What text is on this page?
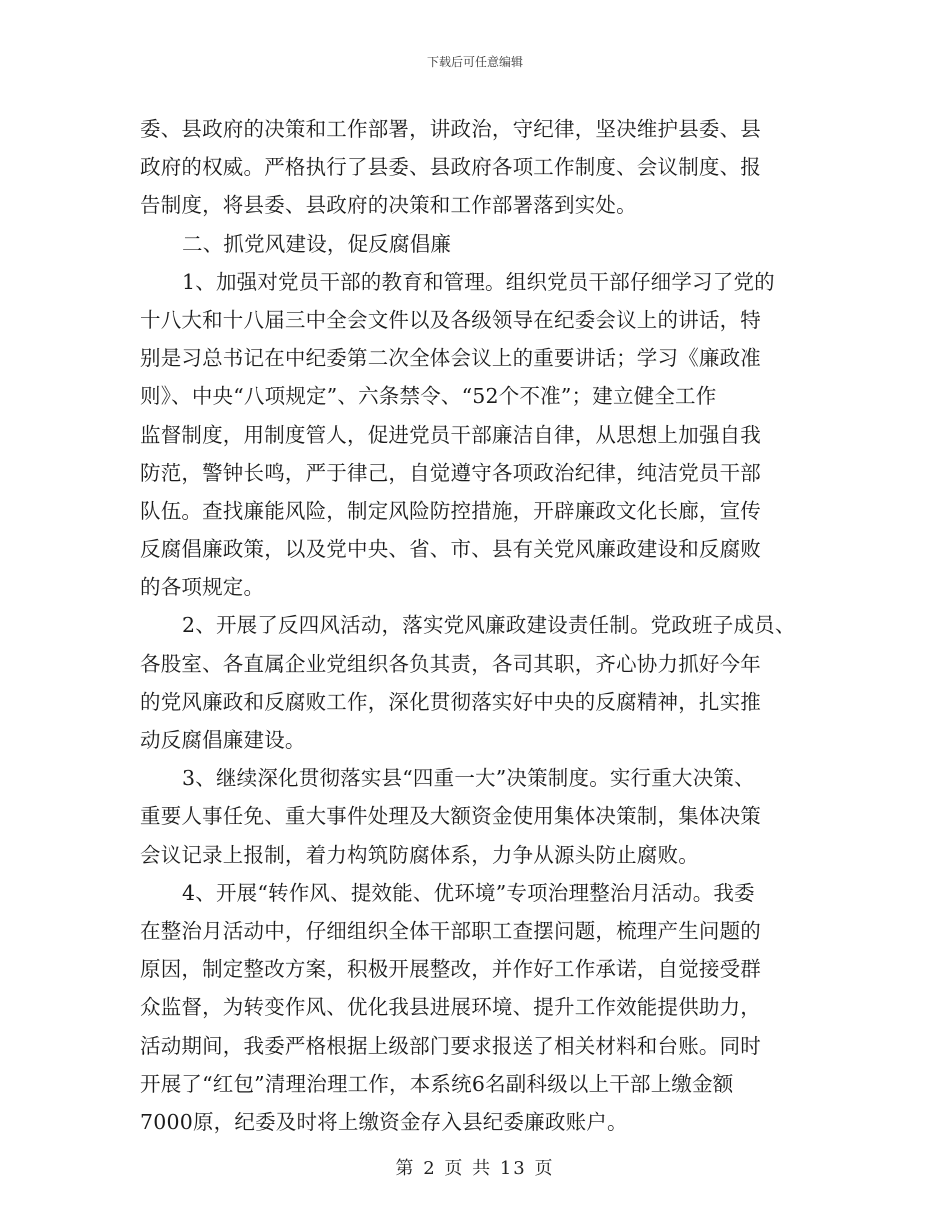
下载后可任意编辑
委、县政府的决策和工作部署，讲政治，守纪律，坚决维护县委、县
政府的权威。严格执行了县委、县政府各项工作制度、会议制度、报
告制度，将县委、县政府的决策和工作部署落到实处。
二、抓党风建设，促反腐倡廉
1、加强对党员干部的教育和管理。组织党员干部仔细学习了党的
十八大和十八届三中全会文件以及各级领导在纪委会议上的讲话，特
别是习总书记在中纪委第二次全体会议上的重要讲话；学习《廉政准
则》、中央“八项规定”、六条禁令、“52个不准”；建立健全工作
监督制度，用制度管人，促进党员干部廉洁自律，从思想上加强自我
防范，警钟长鸣，严于律己，自觉遵守各项政治纪律，纯洁党员干部
队伍。查找廉能风险，制定风险防控措施，开辟廉政文化长廊，宣传
反腐倡廉政策，以及党中央、省、市、县有关党风廉政建设和反腐败
的各项规定。
2、开展了反四风活动，落实党风廉政建设责任制。党政班子成员、
各股室、各直属企业党组织各负其责，各司其职，齐心协力抓好今年
的党风廉政和反腐败工作，深化贯彻落实好中央的反腐精神，扎实推
动反腐倡廉建设。
3、继续深化贯彻落实县“四重一大”决策制度。实行重大决策、
重要人事任免、重大事件处理及大额资金使用集体决策制，集体决策
会议记录上报制，着力构筑防腐体系，力争从源头防止腐败。
4、开展“转作风、提效能、优环境”专项治理整治月活动。我委
在整治月活动中，仔细组织全体干部职工查摆问题，梳理产生问题的
原因，制定整改方案，积极开展整改，并作好工作承诺，自觉接受群
众监督，为转变作风、优化我县进展环境、提升工作效能提供助力，
活动期间，我委严格根据上级部门要求报送了相关材料和台账。同时
开展了“红包”清理治理工作，本系统6名副科级以上干部上缴金额
7000原，纪委及时将上缴资金存入县纪委廉政账户。
第 2 页 共 13 页
